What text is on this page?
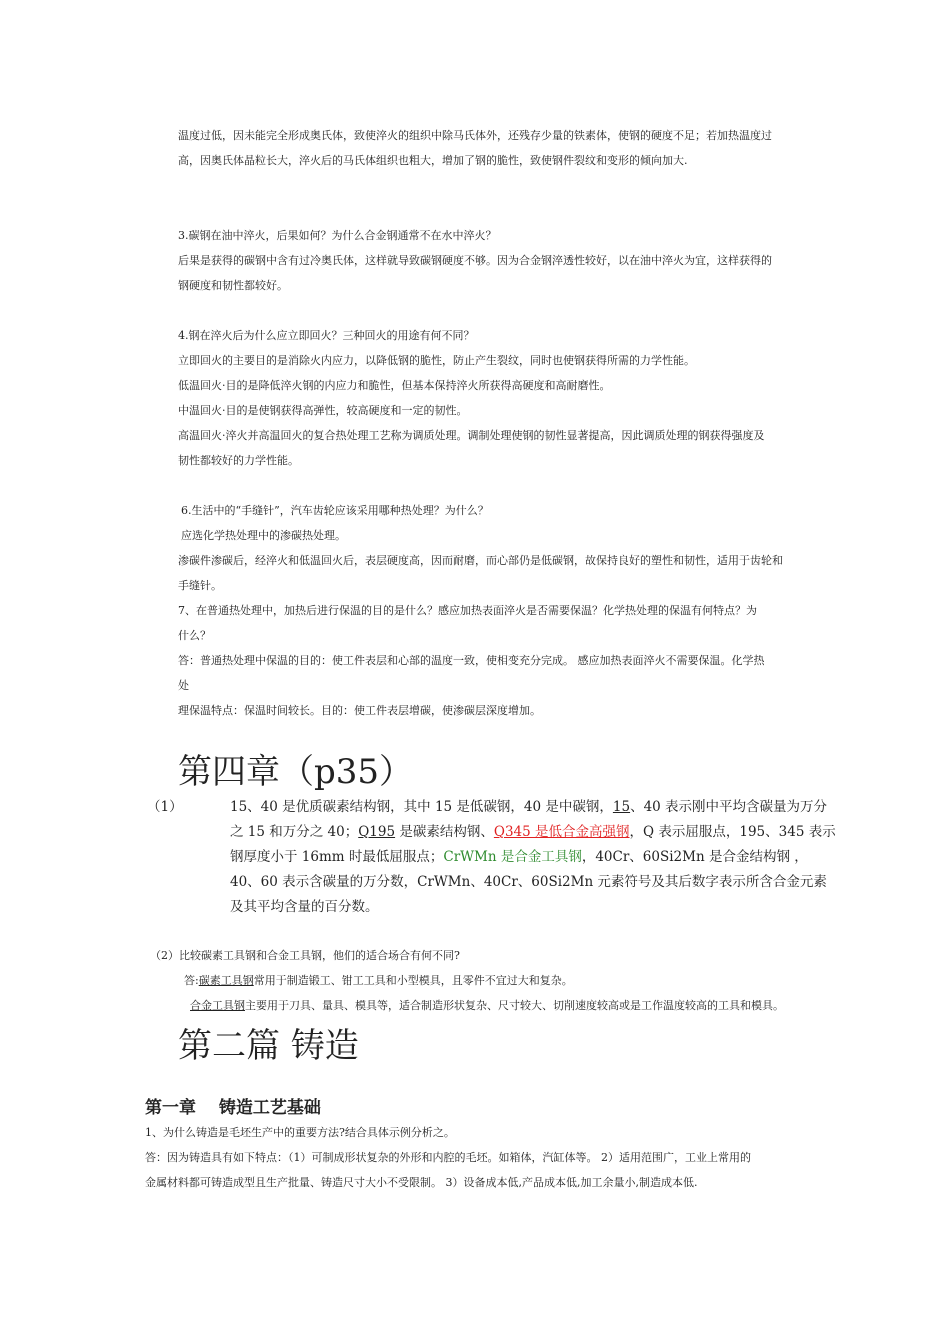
温度过低，因未能完全形成奥氏体，致使淬火的组织中除马氏体外，还残存少量的铁素体，使钢的硬度不足；若加热温度过
高，因奥氏体晶粒长大，淬火后的马氏体组织也粗大，增加了钢的脆性，致使钢件裂纹和变形的倾向加大.
3.碳钢在油中淬火，后果如何？为什么合金钢通常不在水中淬火？
后果是获得的碳钢中含有过冷奥氏体，这样就导致碳钢硬度不够。因为合金钢淬透性较好，以在油中淬火为宜，这样获得的
钢硬度和韧性都较好。
4.钢在淬火后为什么应立即回火？三种回火的用途有何不同？
立即回火的主要目的是消除火内应力，以降低钢的脆性，防止产生裂纹，同时也使钢获得所需的力学性能。
低温回火·目的是降低淬火钢的内应力和脆性，但基本保持淬火所获得高硬度和高耐磨性。
中温回火·目的是使钢获得高弹性，较高硬度和一定的韧性。
高温回火·淬火并高温回火的复合热处理工艺称为调质处理。调制处理使钢的韧性显著提高，因此调质处理的钢获得强度及
韧性都较好的力学性能。
6.生活中的“手缝针”，汽车齿轮应该采用哪种热处理？为什么？
应选化学热处理中的渗碳热处理。
渗碳件渗碳后，经淬火和低温回火后，表层硬度高，因而耐磨，而心部仍是低碳钢，故保持良好的塑性和韧性，适用于齿轮和
手缝针。
7、在普通热处理中，加热后进行保温的目的是什么？感应加热表面淬火是否需要保温？化学热处理的保温有何特点？为
什么？
答：普通热处理中保温的目的：使工件表层和心部的温度一致，使相变充分完成。 感应加热表面淬火不需要保温。化学热
处
理保温特点：保温时间较长。目的：使工件表层增碳，使渗碳层深度增加。
第四章（p35）
（1）	15、40 是优质碳素结构钢，其中 15 是低碳钢，40 是中碳钢，15、40 表示刚中平均含碳量为万分
之 15 和万分之 40；Q195 是碳素结构钢、Q345 是低合金高强钢，Q 表示屈服点，195、345 表示
钢厚度小于 16mm 时最低屈服点；CrWMn 是合金工具钢，40Cr、60Si2Mn 是合金结构钢 ，
40、60 表示含碳量的万分数，CrWMn、40Cr、60Si2Mn 元素符号及其后数字表示所含合金元素
及其平均含量的百分数。
（2）比较碳素工具钢和合金工具钢，他们的适合场合有何不同?
答:碳素工具钢常用于制造锻工、钳工工具和小型模具，且零件不宜过大和复杂。
合金工具钢主要用于刀具、量具、模具等，适合制造形状复杂、尺寸较大、切削速度较高或是工作温度较高的工具和模具。
第二篇 铸造
第一章　 铸造工艺基础
1、为什么铸造是毛坯生产中的重要方法?结合具体示例分析之。
答：因为铸造具有如下特点：（1）可制成形状复杂的外形和内腔的毛坯。如箱体，汽缸体等。 2）适用范围广，工业上常用的
金属材料都可铸造成型且生产批量、铸造尺寸大小不受限制。 3）设备成本低,产品成本低,加工余量小,制造成本低.
